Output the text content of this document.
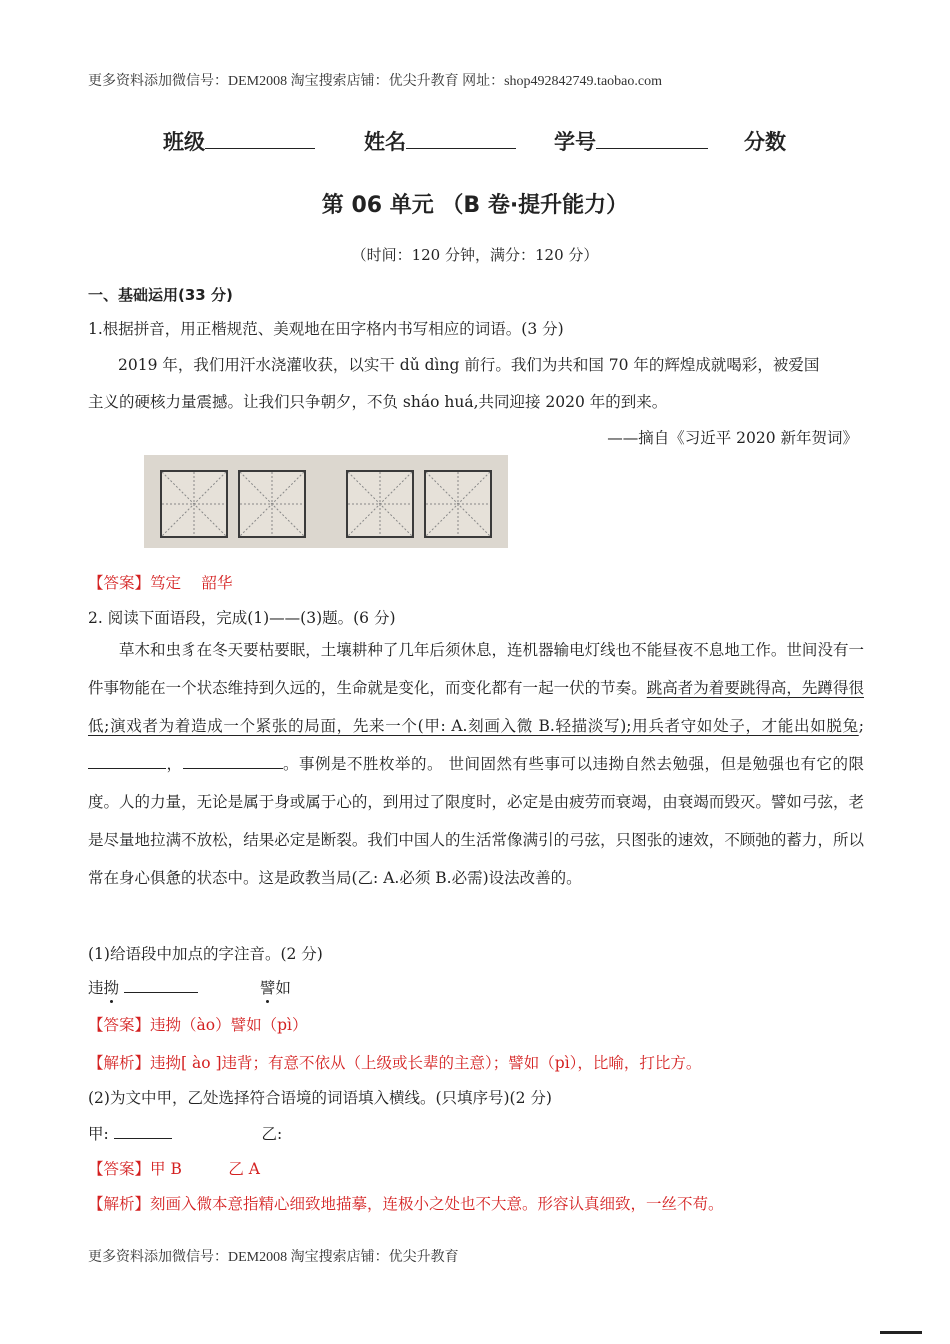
更多资料添加微信号：DEM2008 淘宝搜索店铺：优尖升教育 网址：shop492842749.taobao.com
班级	姓名	学号	分数
第 06 单元 （B 卷·提升能力）
（时间：120 分钟，满分：120 分）
一、基础运用(33 分)
1.根据拼音，用正楷规范、美观地在田字格内书写相应的词语。(3 分)
2019 年，我们用汗水浇灌收获，以实干 dǔ dìng 前行。我们为共和国 70 年的辉煌成就喝彩，被爱国
主义的硬核力量震撼。让我们只争朝夕，不负 sháo huá,共同迎接 2020 年的到来。
——摘自《习近平 2020 新年贺词》
【答案】笃定　 韶华
2. 阅读下面语段，完成(1)——(3)题。(6 分)
草木和虫豸在冬天要枯要眠，土壤耕种了几年后须休息，连机器输电灯线也不能昼夜不息地工作。世间没有一件事物能在一个状态维持到久远的，生命就是变化，而变化都有一起一伏的节奏。跳高者为着要跳得高，先蹲得很低;演戏者为着造成一个紧张的局面，先来一个(甲: A.刻画入微 B.轻描淡写);用兵者守如处子，才能出如脱兔; ，	。事例是不胜枚举的。 世间固然有些事可以违拗自然去勉强，但是勉强也有它的限度。人的力量，无论是属于身或属于心的，到用过了限度时，必定是由疲劳而衰竭，由衰竭而毁灭。譬如弓弦，老是尽量地拉满不放松，结果必定是断裂。我们中国人的生活常像满引的弓弦，只图张的速效，不顾弛的蓄力，所以常在身心俱惫的状态中。这是政教当局(乙: A.必须 B.必需)设法改善的。
(1)给语段中加点的字注音。(2 分)
违拗	譬如
【答案】违拗（ào）譬如（pì）
【解析】违拗[ ào ]违背；有意不依从（上级或长辈的主意）；譬如（pì），比喻，打比方。
(2)为文中甲，乙处选择符合语境的词语填入横线。(只填序号)(2 分)
甲:	乙:
【答案】甲 B　　　乙 A
【解析】刻画入微本意指精心细致地描摹，连极小之处也不大意。形容认真细致，一丝不苟。
更多资料添加微信号：DEM2008 淘宝搜索店铺：优尖升教育
